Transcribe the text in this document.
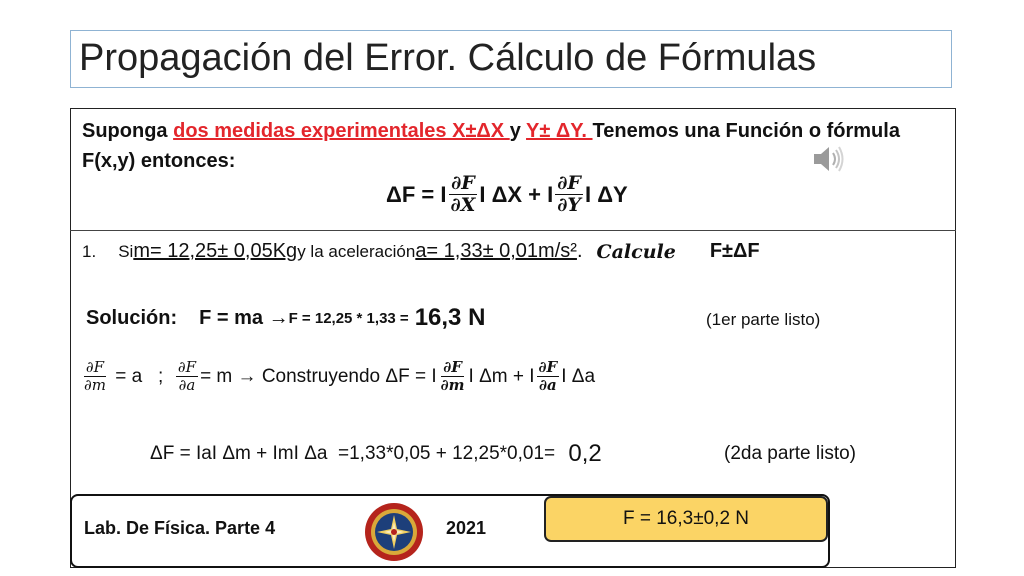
Propagación del Error. Cálculo de Fórmulas
Suponga dos medidas experimentales X±ΔX y Y± ΔY. Tenemos una Función o fórmula F(x,y) entonces:
ΔF = I $\frac{\partial F}{\partial X}$ I ΔX + I $\frac{\partial F}{\partial Y}$ I ΔY
1. Si m= 12,25± 0,05Kg y la aceleración a= 1,33± 0,01m/s² . Calcule F±ΔF
Solución: F = ma → F = 12,25 * 1,33 = 16,3 N	(1er parte listo)
$\frac{\partial F}{\partial m} = a$   ; $\frac{\partial F}{\partial a} = m$ → Construyendo ΔF = I $\frac{\partial F}{\partial m}$ I Δm + I $\frac{\partial F}{\partial a}$ I Δa
ΔF = IaI Δm + ImI Δa  =1,33*0,05 + 12,25*0,01= 0,2	(2da parte listo)
Lab. De Física. Parte 4	2021	F = 16,3±0,2 N
